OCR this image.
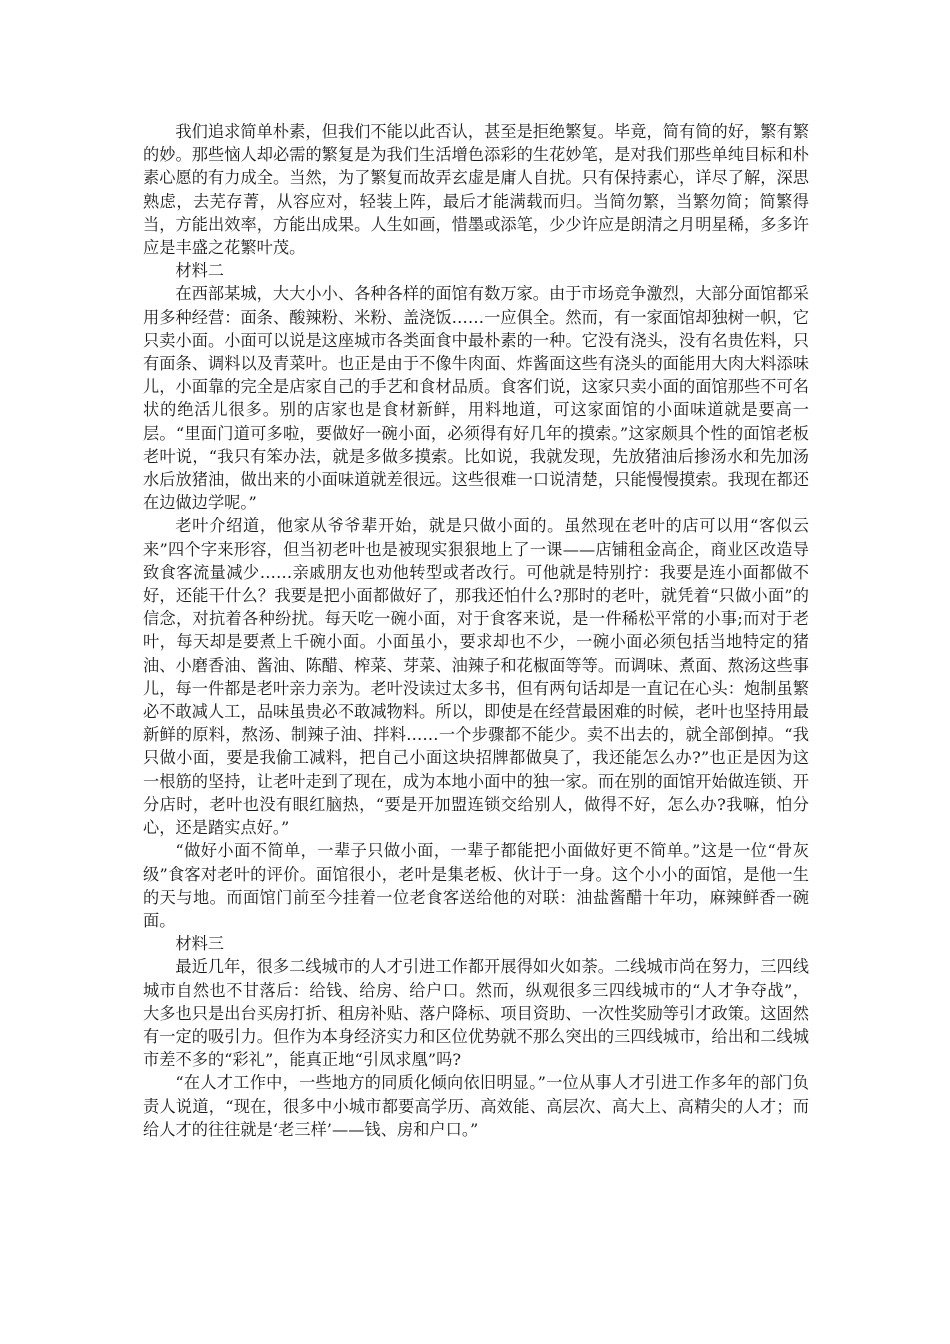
我们追求简单朴素，但我们不能以此否认，甚至是拒绝繁复。毕竟，简有简的好，繁有繁的妙。那些恼人却必需的繁复是为我们生活增色添彩的生花妙笔，是对我们那些单纯目标和朴素心愿的有力成全。当然，为了繁复而故弄玄虚是庸人自扰。只有保持素心，详尽了解，深思熟虑，去芜存菁，从容应对，轻装上阵，最后才能满载而归。当简勿繁，当繁勿简；简繁得当，方能出效率，方能出成果。人生如画，惜墨或添笔，少少许应是朗清之月明星稀，多多许应是丰盛之花繁叶茂。

材料二

在西部某城，大大小小、各种各样的面馆有数万家。由于市场竞争激烈，大部分面馆都采用多种经营：面条、酸辣粉、米粉、盖浇饭……一应俱全。然而，有一家面馆却独树一帜，它只卖小面。小面可以说是这座城市各类面食中最朴素的一种。它没有浇头，没有名贵佐料，只有面条、调料以及青菜叶。也正是由于不像牛肉面、炸酱面这些有浇头的面能用大肉大料添味儿，小面靠的完全是店家自己的手艺和食材品质。食客们说，这家只卖小面的面馆那些不可名状的绝活儿很多。别的店家也是食材新鲜，用料地道，可这家面馆的小面味道就是要高一层。“里面门道可多啦，要做好一碗小面，必须得有好几年的摸索。”这家颇具个性的面馆老板老叶说，“我只有笨办法，就是多做多摸索。比如说，我就发现，先放猪油后掺汤水和先加汤水后放猪油，做出来的小面味道就差很远。这些很难一口说清楚，只能慢慢摸索。我现在都还在边做边学呢。”

老叶介绍道，他家从爷爷辈开始，就是只做小面的。虽然现在老叶的店可以用“客似云来”四个字来形容，但当初老叶也是被现实狠狠地上了一课——店铺租金高企，商业区改造导致食客流量减少……亲戚朋友也劝他转型或者改行。可他就是特别拧：我要是连小面都做不好，还能干什么？我要是把小面都做好了，那我还怕什么?那时的老叶，就凭着“只做小面”的信念，对抗着各种纷扰。每天吃一碗小面，对于食客来说，是一件稀松平常的小事;而对于老叶，每天却是要煮上千碗小面。小面虽小，要求却也不少，一碗小面必须包括当地特定的猪油、小磨香油、酱油、陈醋、榨菜、芽菜、油辣子和花椒面等等。而调味、煮面、熬汤这些事儿，每一件都是老叶亲力亲为。老叶没读过太多书，但有两句话却是一直记在心头：炮制虽繁必不敢减人工，品味虽贵必不敢减物料。所以，即使是在经营最困难的时候，老叶也坚持用最新鲜的原料，熬汤、制辣子油、拌料……一个步骤都不能少。卖不出去的，就全部倒掉。“我只做小面，要是我偷工减料，把自己小面这块招牌都做臭了，我还能怎么办?”也正是因为这一根筋的坚持，让老叶走到了现在，成为本地小面中的独一家。而在别的面馆开始做连锁、开分店时，老叶也没有眼红脑热，“要是开加盟连锁交给别人，做得不好，怎么办?我嘛，怕分心，还是踏实点好。”

“做好小面不简单，一辈子只做小面，一辈子都能把小面做好更不简单。”这是一位“骨灰级”食客对老叶的评价。面馆很小，老叶是集老板、伙计于一身。这个小小的面馆，是他一生的天与地。而面馆门前至今挂着一位老食客送给他的对联：油盐酱醋十年功，麻辣鲜香一碗面。

材料三

最近几年，很多二线城市的人才引进工作都开展得如火如荼。二线城市尚在努力，三四线城市自然也不甘落后：给钱、给房、给户口。然而，纵观很多三四线城市的“人才争夺战”，大多也只是出台买房打折、租房补贴、落户降标、项目资助、一次性奖励等引才政策。这固然有一定的吸引力。但作为本身经济实力和区位优势就不那么突出的三四线城市，给出和二线城市差不多的“彩礼”，能真正地“引凤求凰”吗?

“在人才工作中，一些地方的同质化倾向依旧明显。”一位从事人才引进工作多年的部门负责人说道，“现在，很多中小城市都要高学历、高效能、高层次、高大上、高精尖的人才；而给人才的往往就是‘老三样’——钱、房和户口。”
